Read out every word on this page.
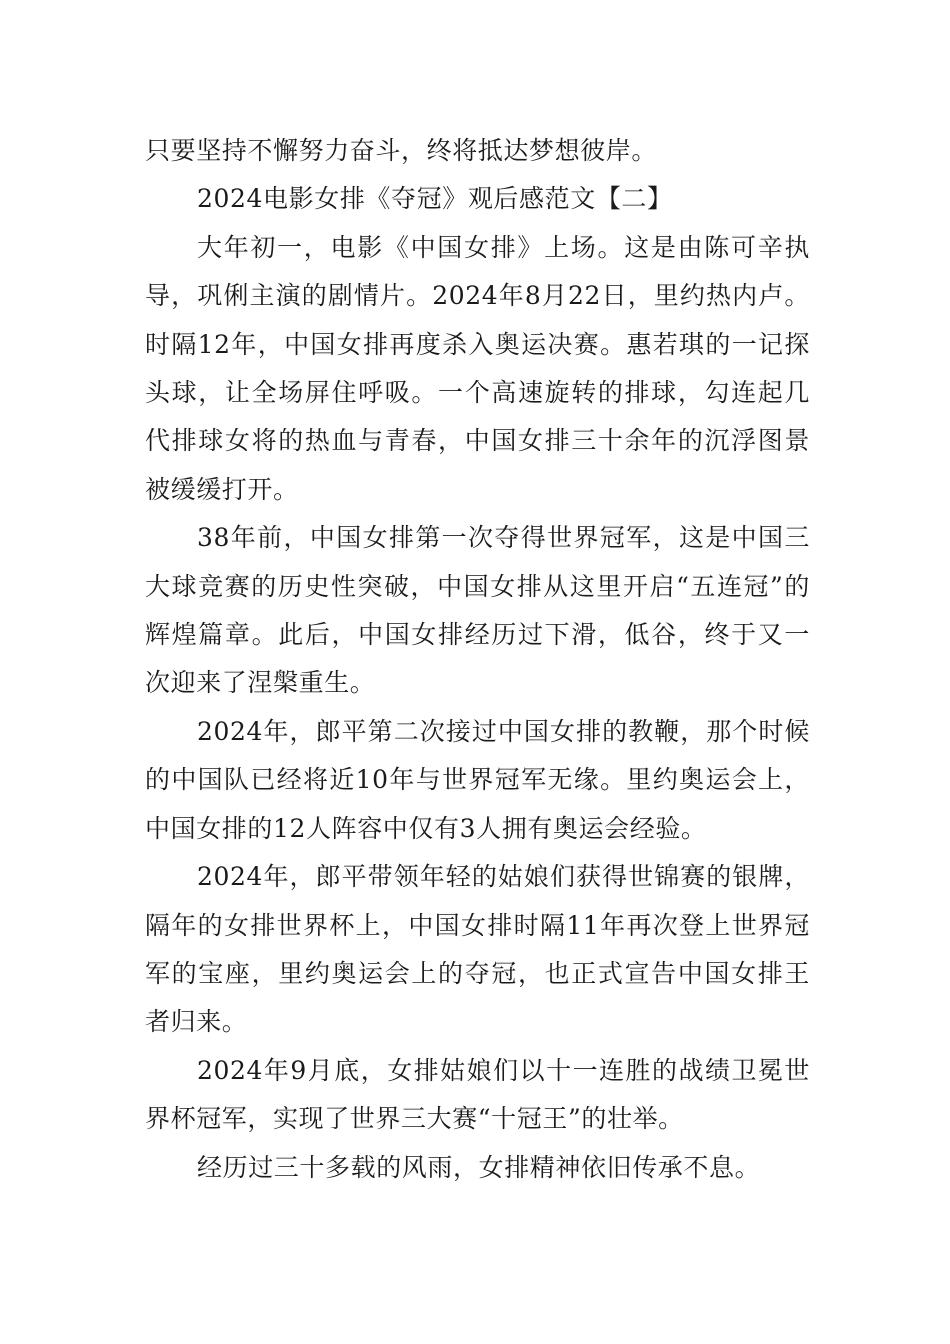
只要坚持不懈努力奋斗，终将抵达梦想彼岸。

2024电影女排《夺冠》观后感范文【二】

大年初一，电影《中国女排》上场。这是由陈可辛执导，巩俐主演的剧情片。2024年8月22日，里约热内卢。时隔12年，中国女排再度杀入奥运决赛。惠若琪的一记探头球，让全场屏住呼吸。一个高速旋转的排球，勾连起几代排球女将的热血与青春，中国女排三十余年的沉浮图景被缓缓打开。

38年前，中国女排第一次夺得世界冠军，这是中国三大球竞赛的历史性突破，中国女排从这里开启“五连冠”的辉煌篇章。此后，中国女排经历过下滑，低谷，终于又一次迎来了涅槃重生。

2024年，郎平第二次接过中国女排的教鞭，那个时候的中国队已经将近10年与世界冠军无缘。里约奥运会上，中国女排的12人阵容中仅有3人拥有奥运会经验。

2024年，郎平带领年轻的姑娘们获得世锦赛的银牌，隔年的女排世界杯上，中国女排时隔11年再次登上世界冠军的宝座，里约奥运会上的夺冠，也正式宣告中国女排王者归来。

2024年9月底，女排姑娘们以十一连胜的战绩卫冕世界杯冠军，实现了世界三大赛“十冠王”的壮举。

经历过三十多载的风雨，女排精神依旧传承不息。
